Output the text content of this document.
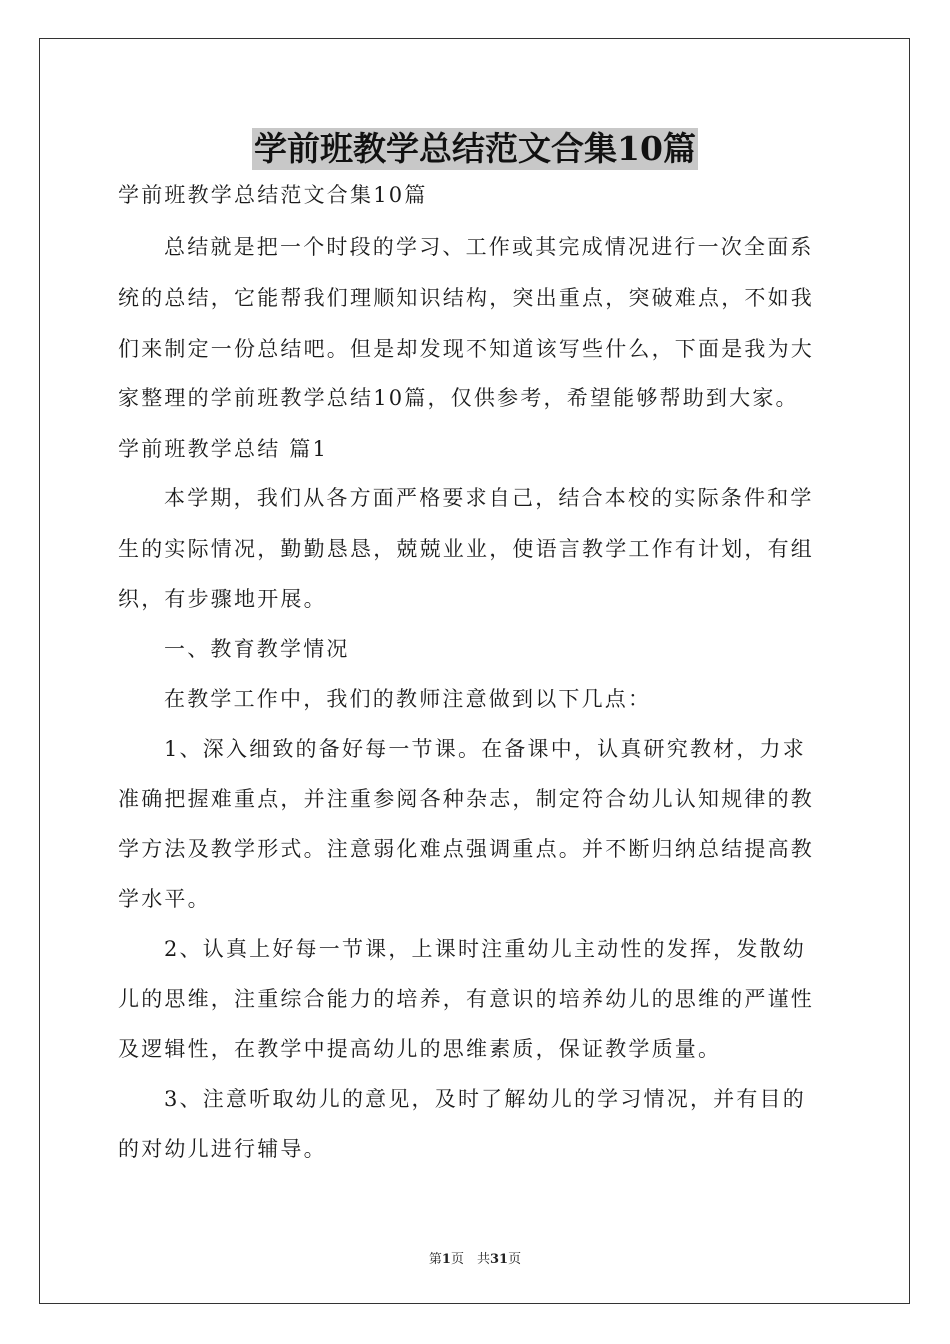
学前班教学总结范文合集10篇
学前班教学总结范文合集10篇
总结就是把一个时段的学习、工作或其完成情况进行一次全面系
统的总结，它能帮我们理顺知识结构，突出重点，突破难点，不如我
们来制定一份总结吧。但是却发现不知道该写些什么，下面是我为大
家整理的学前班教学总结10篇，仅供参考，希望能够帮助到大家。
学前班教学总结 篇1
本学期，我们从各方面严格要求自己，结合本校的实际条件和学
生的实际情况，勤勤恳恳，兢兢业业，使语言教学工作有计划，有组
织，有步骤地开展。
一、教育教学情况
在教学工作中，我们的教师注意做到以下几点：
1、深入细致的备好每一节课。在备课中，认真研究教材，力求
准确把握难重点，并注重参阅各种杂志，制定符合幼儿认知规律的教
学方法及教学形式。注意弱化难点强调重点。并不断归纳总结提高教
学水平。
2、认真上好每一节课，上课时注重幼儿主动性的发挥，发散幼
儿的思维，注重综合能力的培养，有意识的培养幼儿的思维的严谨性
及逻辑性，在教学中提高幼儿的思维素质，保证教学质量。
3、注意听取幼儿的意见，及时了解幼儿的学习情况，并有目的
的对幼儿进行辅导。
第1页　共31页
